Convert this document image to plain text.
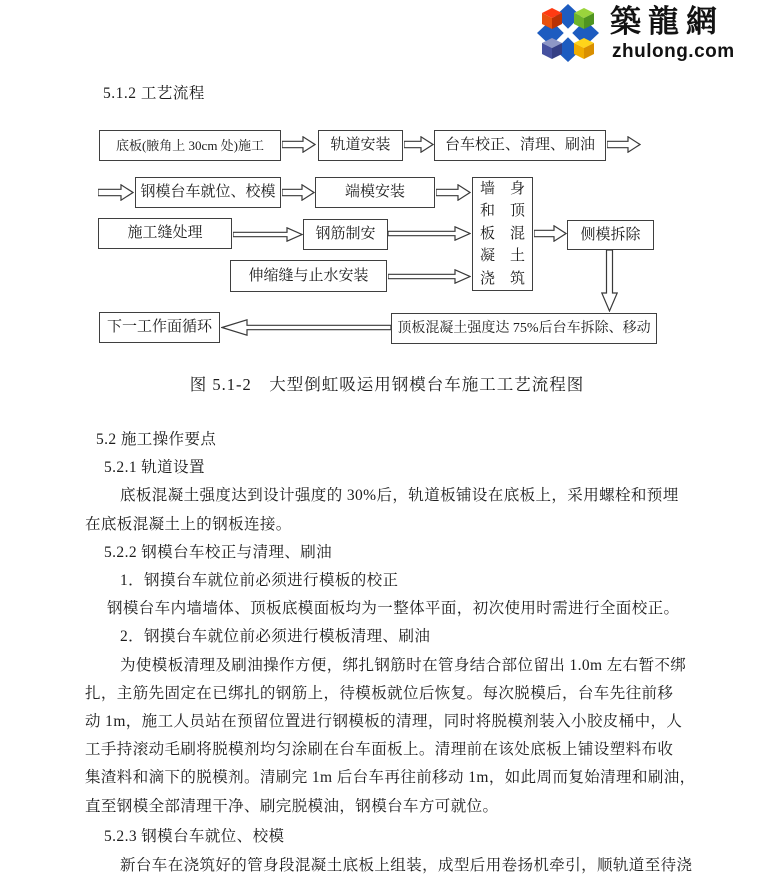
築龍網
zhulong.com
5.1.2 工艺流程
底板(腋角上 30cm 处)施工	轨道安装	台车校正、清理、刷油
钢模台车就位、校模	端模安装	墙　身
和　顶
板　混
凝　土
浇　筑
施工缝处理	钢筋制安	侧模拆除
伸缩缝与止水安装
下一工作面循环	顶板混凝土强度达 75%后台车拆除、移动
图 5.1-2　大型倒虹吸运用钢模台车施工工艺流程图
5.2 施工操作要点
5.2.1 轨道设置
底板混凝土强度达到设计强度的 30%后，轨道板铺设在底板上，采用螺栓和预埋
在底板混凝土上的钢板连接。
5.2.2 钢模台车校正与清理、刷油
1．钢摸台车就位前必须进行模板的校正
钢模台车内墙墙体、顶板底模面板均为一整体平面，初次使用时需进行全面校正。
2．钢摸台车就位前必须进行模板清理、刷油
为使模板清理及刷油操作方便，绑扎钢筋时在管身结合部位留出 1.0m 左右暂不绑
扎，主筋先固定在已绑扎的钢筋上，待模板就位后恢复。每次脱模后，台车先往前移
动 1m，施工人员站在预留位置进行钢模板的清理，同时将脱模剂装入小胶皮桶中，人
工手持滚动毛刷将脱模剂均匀涂刷在台车面板上。清理前在该处底板上铺设塑料布收
集渣料和滴下的脱模剂。清刷完 1m 后台车再往前移动 1m，如此周而复始清理和刷油，
直至钢模全部清理干净、刷完脱模油，钢模台车方可就位。
5.2.3 钢模台车就位、校模
新台车在浇筑好的管身段混凝土底板上组装，成型后用卷扬机牵引，顺轨道至待浇
